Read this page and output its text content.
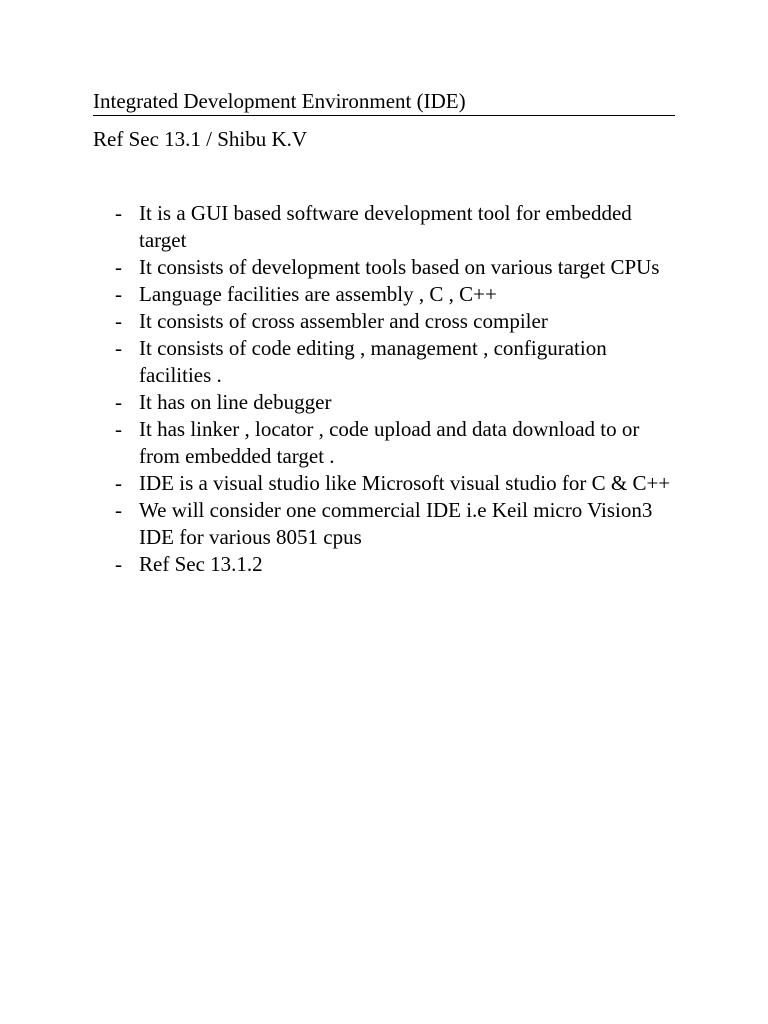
Integrated Development Environment (IDE)
Ref Sec 13.1 / Shibu K.V
- It is a GUI based software development tool for embedded target
- It consists of development tools based on various target CPUs
- Language facilities are assembly , C , C++
- It consists of cross assembler and cross compiler
- It consists of code editing , management , configuration facilities .
- It has on line debugger
- It has linker , locator , code upload and data download to or from embedded target .
- IDE is a visual studio like Microsoft visual studio for C & C++
- We will consider one commercial IDE i.e Keil micro Vision3 IDE for various 8051 cpus
- Ref Sec 13.1.2
